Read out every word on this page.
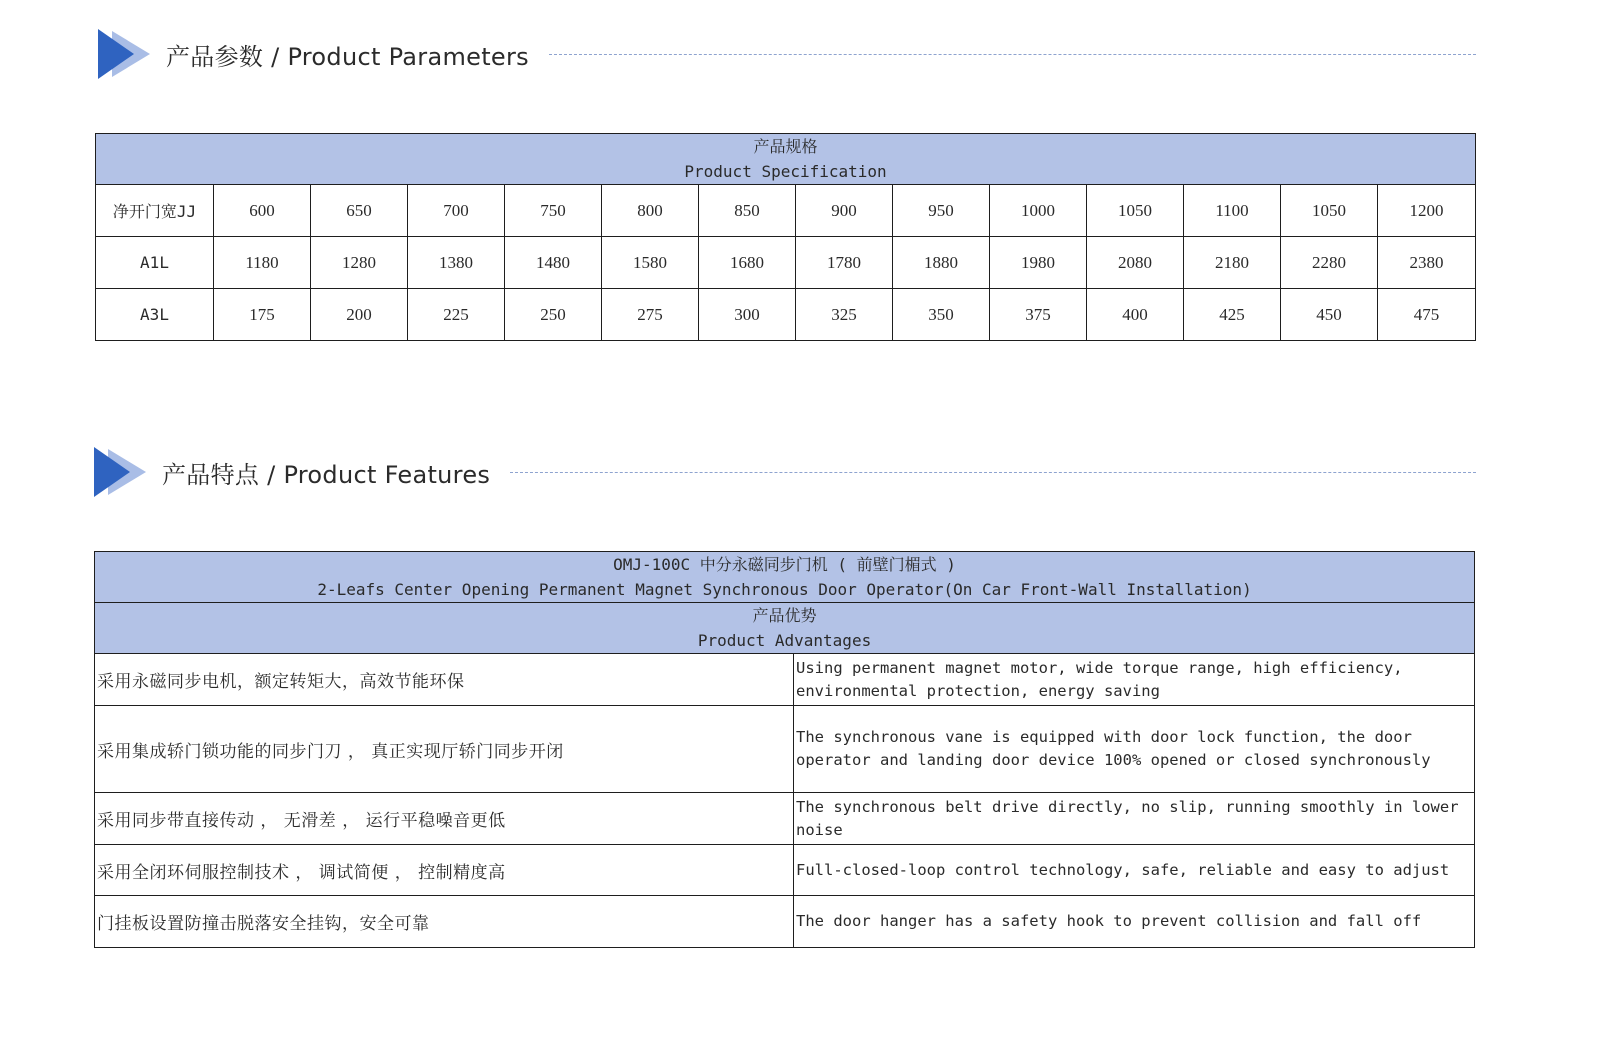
产品参数 / Product Parameters
产品规格
Product Specification													

净开门宽JJ	600	650	700	750	800	850	900	950	1000	1050	1100	1050	1200
A1L	1180	1280	1380	1480	1580	1680	1780	1880	1980	2080	2180	2280	2380
A3L	175	200	225	250	275	300	325	350	375	400	425	450	475
产品特点 / Product Features
OMJ-100C 中分永磁同步门机 ( 前壁门楣式 )
2-Leafs Center Opening Permanent Magnet Synchronous Door Operator(On Car Front-Wall Installation)	

产品优势
Product Advantages	

采用永磁同步电机，额定转矩大，高效节能环保	Using permanent magnet motor, wide torque range, high efficiency, environmental protection, energy saving
采用集成轿门锁功能的同步门刀 ， 真正实现厅轿门同步开闭	The synchronous vane is equipped with door lock function, the door operator and landing door device 100% opened or closed synchronously
采用同步带直接传动 ， 无滑差 ， 运行平稳噪音更低	The synchronous belt drive directly, no slip, running smoothly in lower noise
采用全闭环伺服控制技术 ， 调试简便 ， 控制精度高	Full-closed-loop control technology, safe, reliable and easy to adjust
门挂板设置防撞击脱落安全挂钩，安全可靠	The door hanger has a safety hook to prevent collision and fall off
